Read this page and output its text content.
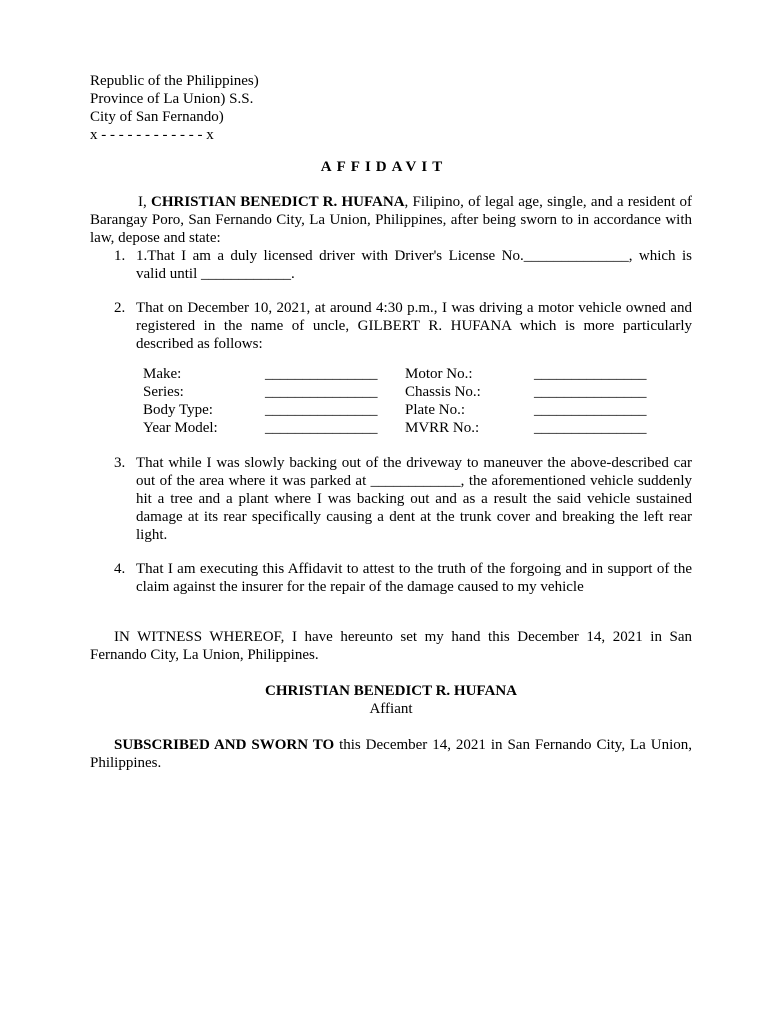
Republic of the Philippines)
Province of La Union) S.S.
City of San Fernando)
x - - - - - - - - - - - - x
AFFIDAVIT
I, CHRISTIAN BENEDICT R. HUFANA, Filipino, of legal age, single, and a resident of Barangay Poro, San Fernando City, La Union, Philippines, after being sworn to in accordance with law, depose and state:
1. 1.That I am a duly licensed driver with Driver's License No.______________, which is valid until ____________.
2. That on December 10, 2021, at around 4:30 p.m., I was driving a motor vehicle owned and registered in the name of uncle, GILBERT R. HUFANA which is more particularly described as follows:
Make:	_______________	Motor No.:	_______________
Series:	_______________	Chassis No.:	_______________
Body Type:	_______________	Plate No.:	_______________
Year Model:	_______________	MVRR No.:	_______________
3. That while I was slowly backing out of the driveway to maneuver the above-described car out of the area where it was parked at ____________, the aforementioned vehicle suddenly hit a tree and a plant where I was backing out and as a result the said vehicle sustained damage at its rear specifically causing a dent at the trunk cover and breaking the left rear light.
4. That I am executing this Affidavit to attest to the truth of the forgoing and in support of the claim against the insurer for the repair of the damage caused to my vehicle
IN WITNESS WHEREOF, I have hereunto set my hand this December 14, 2021 in San Fernando City, La Union, Philippines.
CHRISTIAN BENEDICT R. HUFANA
Affiant
SUBSCRIBED AND SWORN TO this December 14, 2021 in San Fernando City, La Union, Philippines.
